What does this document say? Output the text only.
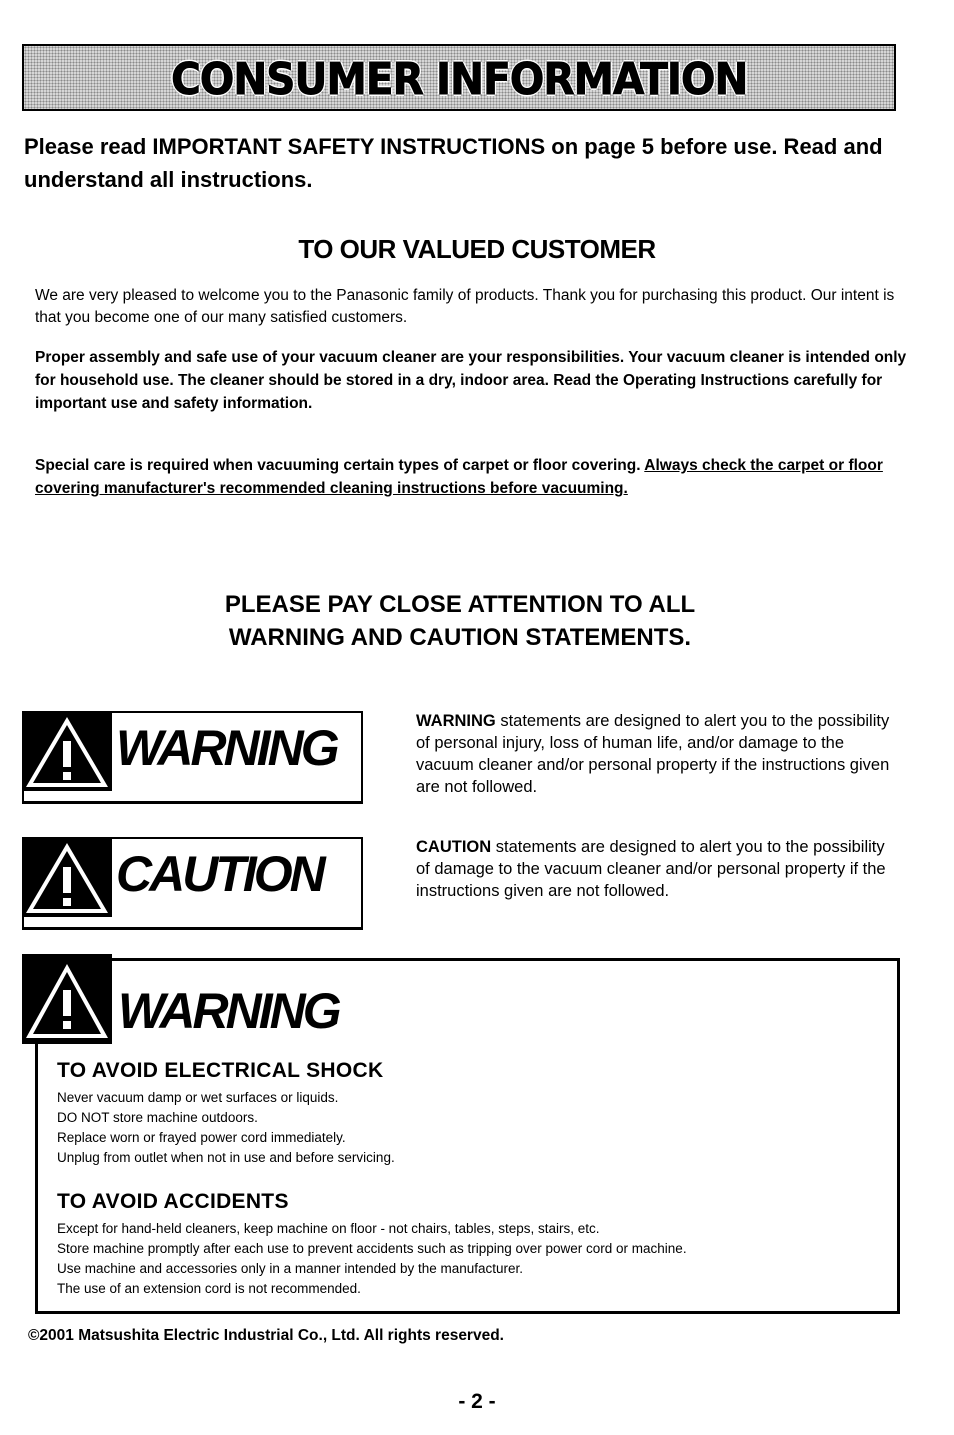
CONSUMER INFORMATION
Please read IMPORTANT SAFETY INSTRUCTIONS on page 5 before use. Read and understand all instructions.
TO OUR VALUED CUSTOMER
We are very pleased to welcome you to the Panasonic family of products. Thank you for purchasing this product. Our intent is that you become one of our many satisfied customers.
Proper assembly and safe use of your vacuum cleaner are your responsibilities. Your vacuum cleaner is intended only for household use. The cleaner should be stored in a dry, indoor area. Read the Operating Instructions carefully for important use and safety information.
Special care is required when vacuuming certain types of carpet or floor covering. Always check the carpet or floor covering manufacturer's recommended cleaning instructions before vacuuming.
PLEASE PAY CLOSE ATTENTION TO ALL
WARNING AND CAUTION STATEMENTS.
WARNING	WARNING statements are designed to alert you to the possibility of personal injury, loss of human life, and/or damage to the vacuum cleaner and/or personal property if the instructions given are not followed.
CAUTION	CAUTION statements are designed to alert you to the possibility of damage to the vacuum cleaner and/or personal property if the instructions given are not followed.
WARNING
TO AVOID ELECTRICAL SHOCK
Never vacuum damp or wet surfaces or liquids.
DO NOT store machine outdoors.
Replace worn or frayed power cord immediately.
Unplug from outlet when not in use and before servicing.
TO AVOID ACCIDENTS
Except for hand-held cleaners, keep machine on floor - not chairs, tables, steps, stairs, etc.
Store machine promptly after each use to prevent accidents such as tripping over power cord or machine.
Use machine and accessories only in a manner intended by the manufacturer.
The use of an extension cord is not recommended.
©2001 Matsushita Electric Industrial Co., Ltd. All rights reserved.
- 2 -
